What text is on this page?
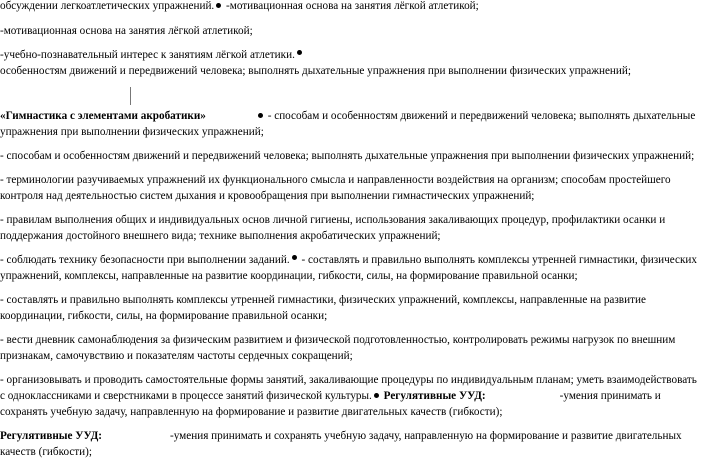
обсуждении легкоатлетических упражнений. -мотивационная основа на занятия лёгкой атлетикой;
-мотивационная основа на занятия лёгкой атлетикой;
-учебно-познавательный интерес к занятиям лёгкой атлетики.
особенностям движений и передвижений человека; выполнять дыхательные упражнения при выполнении физических упражнений;
«Гимнастика с элементами акробатики»	- способам и особенностям движений и передвижений человека; выполнять дыхательные
упражнения при выполнении физических упражнений;
- способам и особенностям движений и передвижений человека; выполнять дыхательные упражнения при выполнении физических упражнений;
- терминологии разучиваемых упражнений их функционального смысла и направленности воздействия на организм; способам простейшего
контроля над деятельностью систем дыхания и кровообращения при выполнении гимнастических упражнений;
- правилам выполнения общих и индивидуальных основ личной гигиены, использования закаливающих процедур, профилактики осанки и
поддержания достойного внешнего вида; технике выполнения акробатических упражнений;
- соблюдать технику безопасности при выполнении заданий. - составлять и правильно выполнять комплексы утренней гимнастики, физических
упражнений, комплексы, направленные на развитие координации, гибкости, силы, на формирование правильной осанки;
- составлять и правильно выполнять комплексы утренней гимнастики, физических упражнений, комплексы, направленные на развитие
координации, гибкости, силы, на формирование правильной осанки;
- вести дневник самонаблюдения за физическим развитием и физической подготовленностью, контролировать режимы нагрузок по внешним
признакам, самочувствию и показателям частоты сердечных сокращений;
- организовывать и проводить самостоятельные формы занятий, закаливающие процедуры по индивидуальным планам; уметь взаимодействовать
с одноклассниками и сверстниками в процессе занятий физической культуры. Регулятивные УУД:	-умения принимать и
сохранять учебную задачу, направленную на формирование и развитие двигательных качеств (гибкости);
Регулятивные УУД:	-умения принимать и сохранять учебную задачу, направленную на формирование и развитие двигательных
качеств (гибкости);
